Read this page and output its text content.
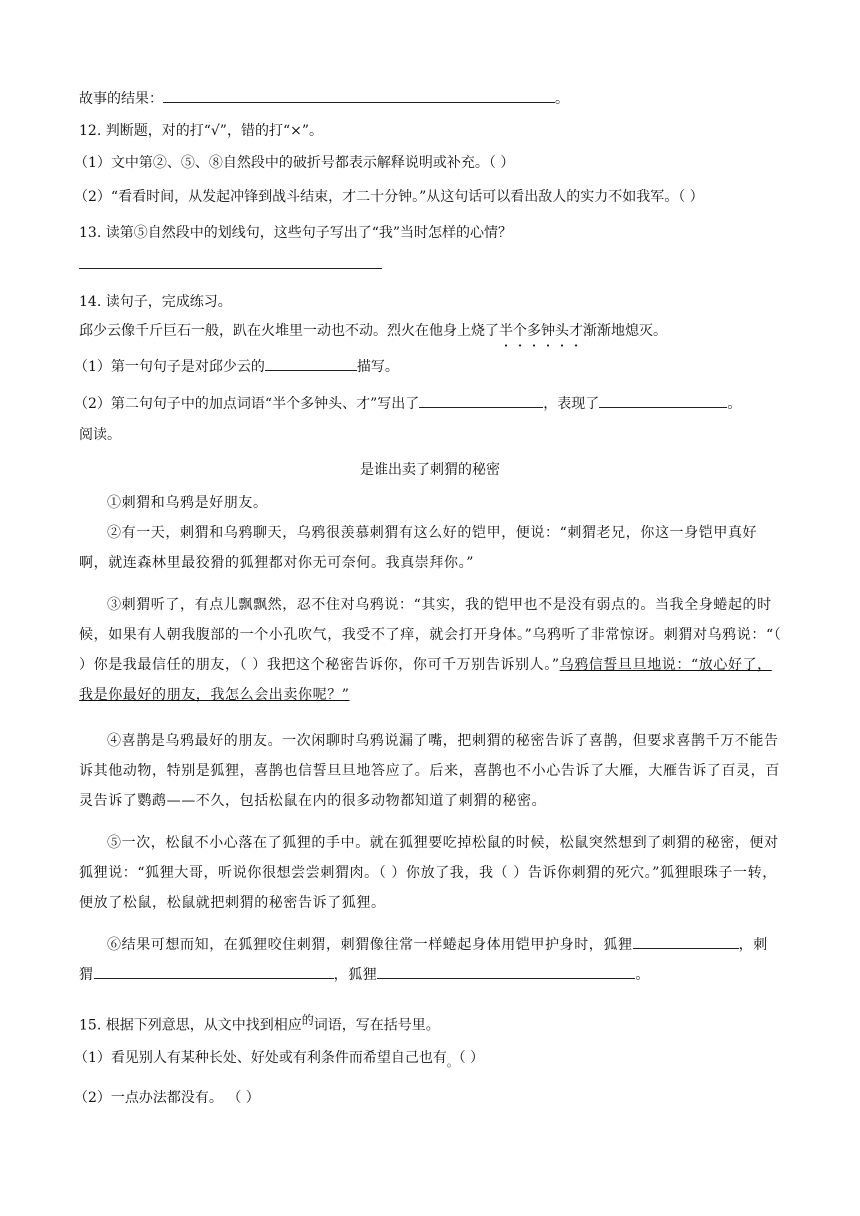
故事的结果：	。
12. 判断题，对的打“√”，错的打“×”。
（1）文中第②、⑤、⑧自然段中的破折号都表示解释说明或补充。（ ）
（2）“看看时间，从发起冲锋到战斗结束，才二十分钟。”从这句话可以看出敌人的实力不如我军。（ ）
13. 读第⑤自然段中的划线句，这些句子写出了“我”当时怎样的心情？
14. 读句子，完成练习。
邱少云像千斤巨石一般，趴在火堆里一动也不动。烈火在他身上烧了半个多钟头才渐渐地熄灭。
（1）第一句句子是对邱少云的	描写。
（2）第二句句子中的加点词语“半个多钟头、才”写出了	，表现了	。
阅读。
是谁出卖了刺猬的秘密
①刺猬和乌鸦是好朋友。
②有一天，刺猬和乌鸦聊天，乌鸦很羡慕刺猬有这么好的铠甲，便说：“刺猬老兄，你这一身铠甲真好啊，就连森林里最狡猾的狐狸都对你无可奈何。我真崇拜你。”
③刺猬听了，有点儿飘飘然，忍不住对乌鸦说：“其实，我的铠甲也不是没有弱点的。当我全身蜷起的时候，如果有人朝我腹部的一个小孔吹气，我受不了痒，就会打开身体。”乌鸦听了非常惊讶。刺猬对乌鸦说：“（ ）你是我最信任的朋友，（ ）我把这个秘密告诉你，你可千万别告诉别人。”乌鸦信誓旦旦地说：“放心好了，我是你最好的朋友，我怎么会出卖你呢？”
④喜鹊是乌鸦最好的朋友。一次闲聊时乌鸦说漏了嘴，把刺猬的秘密告诉了喜鹊，但要求喜鹊千万不能告诉其他动物，特别是狐狸，喜鹊也信誓旦旦地答应了。后来，喜鹊也不小心告诉了大雁，大雁告诉了百灵，百灵告诉了鹦鹉——不久，包括松鼠在内的很多动物都知道了刺猬的秘密。
⑤一次，松鼠不小心落在了狐狸的手中。就在狐狸要吃掉松鼠的时候，松鼠突然想到了刺猬的秘密，便对狐狸说：“狐狸大哥，听说你很想尝尝刺猬肉。（ ）你放了我，我（ ）告诉你刺猬的死穴。”狐狸眼珠子一转，便放了松鼠，松鼠就把刺猬的秘密告诉了狐狸。
⑥结果可想而知，在狐狸咬住刺猬，刺猬像往常一样蜷起身体用铠甲护身时，狐狸	，刺猬	，狐狸	。
15. 根据下列意思，从文中找到相应$^的$词语，写在括号里。
（1）看见别人有某种长处、好处或有利条件而希望自己也有$_。$（ ）
（2）一点办法都没有。 （ ）
